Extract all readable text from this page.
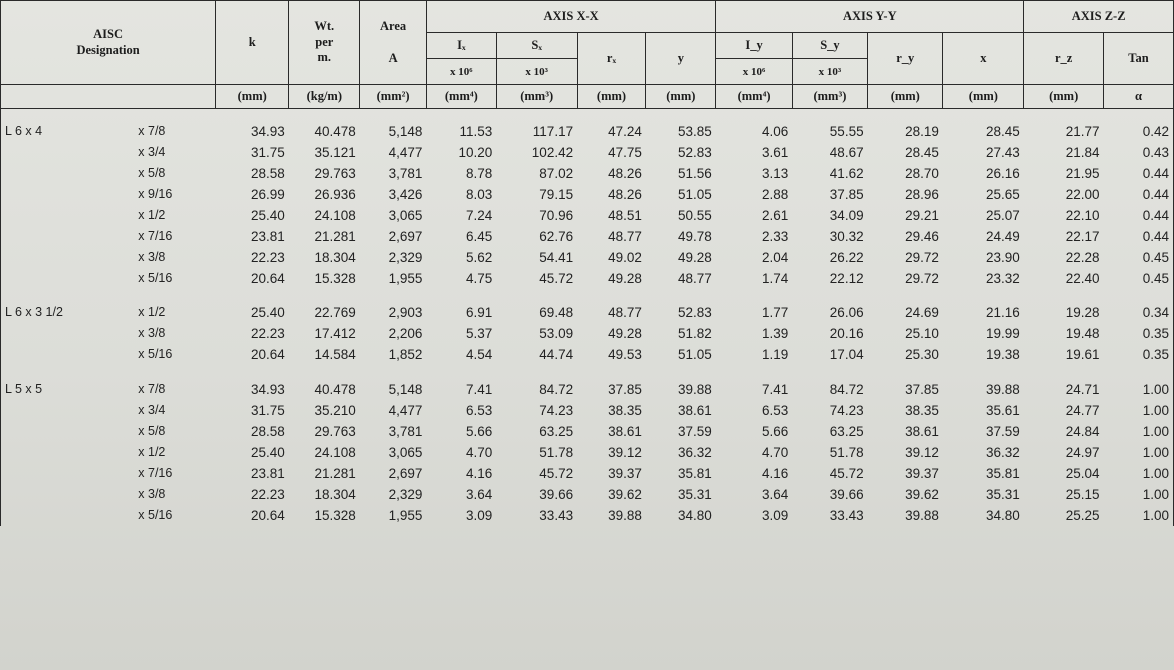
AISC
Designation		k	Wt.
per
m.	Area
A	AXIS X-X				AXIS Y-Y				AXIS Z-Z	
					Iₓ	Sₓ	rₓ	y	I_y	S_y	r_y	x	r_z	Tan
					x 10⁶	x 10³			x 10⁶	x 10³				
		(mm)	(kg/m)	(mm²)	(mm⁴)	(mm³)	(mm)	(mm)	(mm⁴)	(mm³)	(mm)	(mm)	(mm)	α

L 6 x 4	x 7/8	34.93	40.478	5,148	11.53	117.17	47.24	53.85	4.06	55.55	28.19	28.45	21.77	0.42
	x 3/4	31.75	35.121	4,477	10.20	102.42	47.75	52.83	3.61	48.67	28.45	27.43	21.84	0.43
	x 5/8	28.58	29.763	3,781	8.78	87.02	48.26	51.56	3.13	41.62	28.70	26.16	21.95	0.44
	x 9/16	26.99	26.936	3,426	8.03	79.15	48.26	51.05	2.88	37.85	28.96	25.65	22.00	0.44
	x 1/2	25.40	24.108	3,065	7.24	70.96	48.51	50.55	2.61	34.09	29.21	25.07	22.10	0.44
	x 7/16	23.81	21.281	2,697	6.45	62.76	48.77	49.78	2.33	30.32	29.46	24.49	22.17	0.44
	x 3/8	22.23	18.304	2,329	5.62	54.41	49.02	49.28	2.04	26.22	29.72	23.90	22.28	0.45
	x 5/16	20.64	15.328	1,955	4.75	45.72	49.28	48.77	1.74	22.12	29.72	23.32	22.40	0.45

L 6 x 3 1/2	x 1/2	25.40	22.769	2,903	6.91	69.48	48.77	52.83	1.77	26.06	24.69	21.16	19.28	0.34
	x 3/8	22.23	17.412	2,206	5.37	53.09	49.28	51.82	1.39	20.16	25.10	19.99	19.48	0.35
	x 5/16	20.64	14.584	1,852	4.54	44.74	49.53	51.05	1.19	17.04	25.30	19.38	19.61	0.35

L 5 x 5	x 7/8	34.93	40.478	5,148	7.41	84.72	37.85	39.88	7.41	84.72	37.85	39.88	24.71	1.00
	x 3/4	31.75	35.210	4,477	6.53	74.23	38.35	38.61	6.53	74.23	38.35	35.61	24.77	1.00
	x 5/8	28.58	29.763	3,781	5.66	63.25	38.61	37.59	5.66	63.25	38.61	37.59	24.84	1.00
	x 1/2	25.40	24.108	3,065	4.70	51.78	39.12	36.32	4.70	51.78	39.12	36.32	24.97	1.00
	x 7/16	23.81	21.281	2,697	4.16	45.72	39.37	35.81	4.16	45.72	39.37	35.81	25.04	1.00
	x 3/8	22.23	18.304	2,329	3.64	39.66	39.62	35.31	3.64	39.66	39.62	35.31	25.15	1.00
	x 5/16	20.64	15.328	1,955	3.09	33.43	39.88	34.80	3.09	33.43	39.88	34.80	25.25	1.00
